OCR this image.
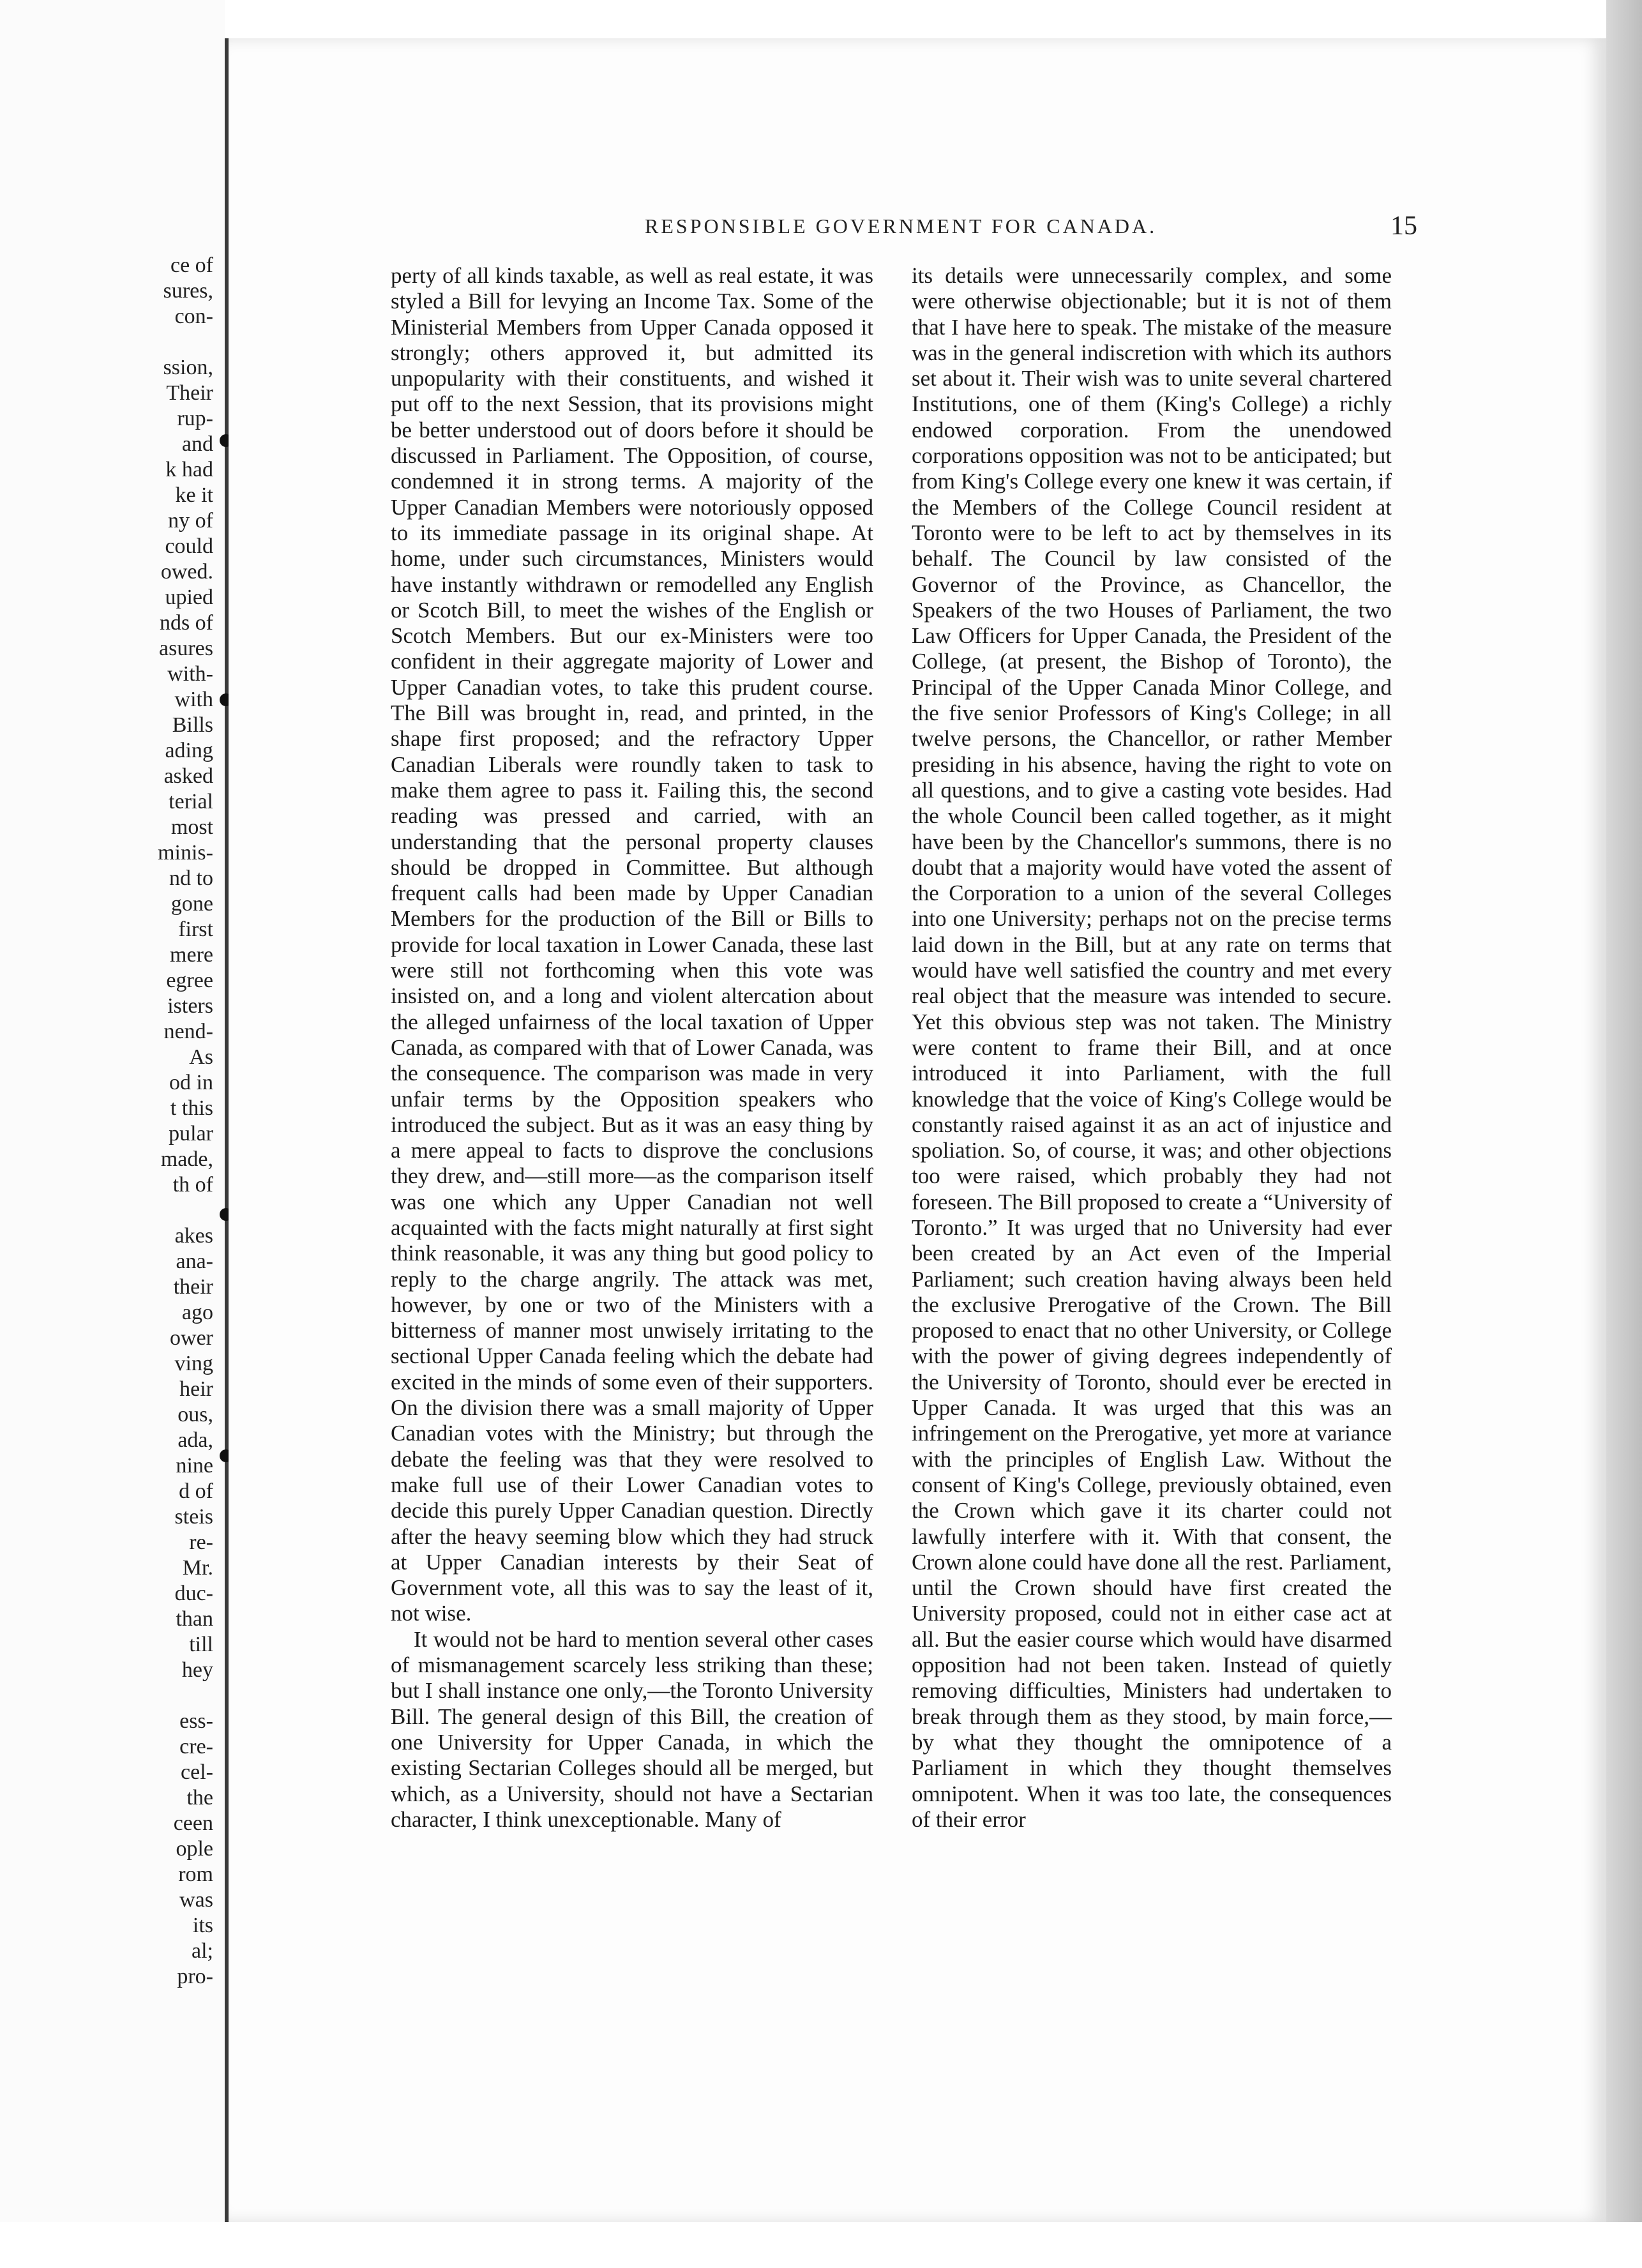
ce of
sures,
con-
ssion,
Their
rup-
and
k had
ke it
ny of
could
owed.
upied
nds of
asures
with-
with
Bills
ading
asked
terial
most
minis-
nd to
gone
first
mere
egree
isters
nend-
As
od in
t this
pular
made,
th of
akes
ana-
their
ago
ower
ving
heir
ous,
ada,
nine
d of
steis
re-
Mr.
duc-
than
till
hey
ess-
cre-
cel-
the
ceen
ople
rom
was
its
al;
pro-
RESPONSIBLE GOVERNMENT FOR CANADA.	15

perty of all kinds taxable, as well as real estate, it was styled a Bill for levying an Income Tax. Some of the Ministerial Members from Upper Canada opposed it strongly; others approved it, but admitted its unpopularity with their constituents, and wished it put off to the next Session, that its provisions might be better understood out of doors before it should be discussed in Parliament. The Opposition, of course, condemned it in strong terms. A majority of the Upper Canadian Members were notoriously opposed to its immediate passage in its original shape. At home, under such circumstances, Ministers would have instantly withdrawn or remodelled any English or Scotch Bill, to meet the wishes of the English or Scotch Members. But our ex-Ministers were too confident in their aggregate majority of Lower and Upper Canadian votes, to take this prudent course. The Bill was brought in, read, and printed, in the shape first proposed; and the refractory Upper Canadian Liberals were roundly taken to task to make them agree to pass it. Failing this, the second reading was pressed and carried, with an understanding that the personal property clauses should be dropped in Committee. But although frequent calls had been made by Upper Canadian Members for the production of the Bill or Bills to provide for local taxation in Lower Canada, these last were still not forthcoming when this vote was insisted on, and a long and violent altercation about the alleged unfairness of the local taxation of Upper Canada, as compared with that of Lower Canada, was the consequence. The comparison was made in very unfair terms by the Opposition speakers who introduced the subject. But as it was an easy thing by a mere appeal to facts to disprove the conclusions they drew, and—still more—as the comparison itself was one which any Upper Canadian not well acquainted with the facts might naturally at first sight think reasonable, it was any thing but good policy to reply to the charge angrily. The attack was met, however, by one or two of the Ministers with a bitterness of manner most unwisely irritating to the sectional Upper Canada feeling which the debate had excited in the minds of some even of their supporters. On the division there was a small majority of Upper Canadian votes with the Ministry; but through the debate the feeling was that they were resolved to make full use of their Lower Canadian votes to decide this purely Upper Canadian question. Directly after the heavy seeming blow which they had struck at Upper Canadian interests by their Seat of Government vote, all this was to say the least of it, not wise.

It would not be hard to mention several other cases of mismanagement scarcely less striking than these; but I shall instance one only,—the Toronto University Bill. The general design of this Bill, the creation of one University for Upper Canada, in which the existing Sectarian Colleges should all be merged, but which, as a University, should not have a Sectarian character, I think unexceptionable. Many of

its details were unnecessarily complex, and some were otherwise objectionable; but it is not of them that I have here to speak. The mistake of the measure was in the general indiscretion with which its authors set about it. Their wish was to unite several chartered Institutions, one of them (King's College) a richly endowed corporation. From the unendowed corporations opposition was not to be anticipated; but from King's College every one knew it was certain, if the Members of the College Council resident at Toronto were to be left to act by themselves in its behalf. The Council by law consisted of the Governor of the Province, as Chancellor, the Speakers of the two Houses of Parliament, the two Law Officers for Upper Canada, the President of the College, (at present, the Bishop of Toronto), the Principal of the Upper Canada Minor College, and the five senior Professors of King's College; in all twelve persons, the Chancellor, or rather Member presiding in his absence, having the right to vote on all questions, and to give a casting vote besides. Had the whole Council been called together, as it might have been by the Chancellor's summons, there is no doubt that a majority would have voted the assent of the Corporation to a union of the several Colleges into one University; perhaps not on the precise terms laid down in the Bill, but at any rate on terms that would have well satisfied the country and met every real object that the measure was intended to secure. Yet this obvious step was not taken. The Ministry were content to frame their Bill, and at once introduced it into Parliament, with the full knowledge that the voice of King's College would be constantly raised against it as an act of injustice and spoliation. So, of course, it was; and other objections too were raised, which probably they had not foreseen. The Bill proposed to create a “University of Toronto.” It was urged that no University had ever been created by an Act even of the Imperial Parliament; such creation having always been held the exclusive Prerogative of the Crown. The Bill proposed to enact that no other University, or College with the power of giving degrees independently of the University of Toronto, should ever be erected in Upper Canada. It was urged that this was an infringement on the Prerogative, yet more at variance with the principles of English Law. Without the consent of King's College, previously obtained, even the Crown which gave it its charter could not lawfully interfere with it. With that consent, the Crown alone could have done all the rest. Parliament, until the Crown should have first created the University proposed, could not in either case act at all. But the easier course which would have disarmed opposition had not been taken. Instead of quietly removing difficulties, Ministers had undertaken to break through them as they stood, by main force,—by what they thought the omnipotence of a Parliament in which they thought themselves omnipotent. When it was too late, the consequences of their error
